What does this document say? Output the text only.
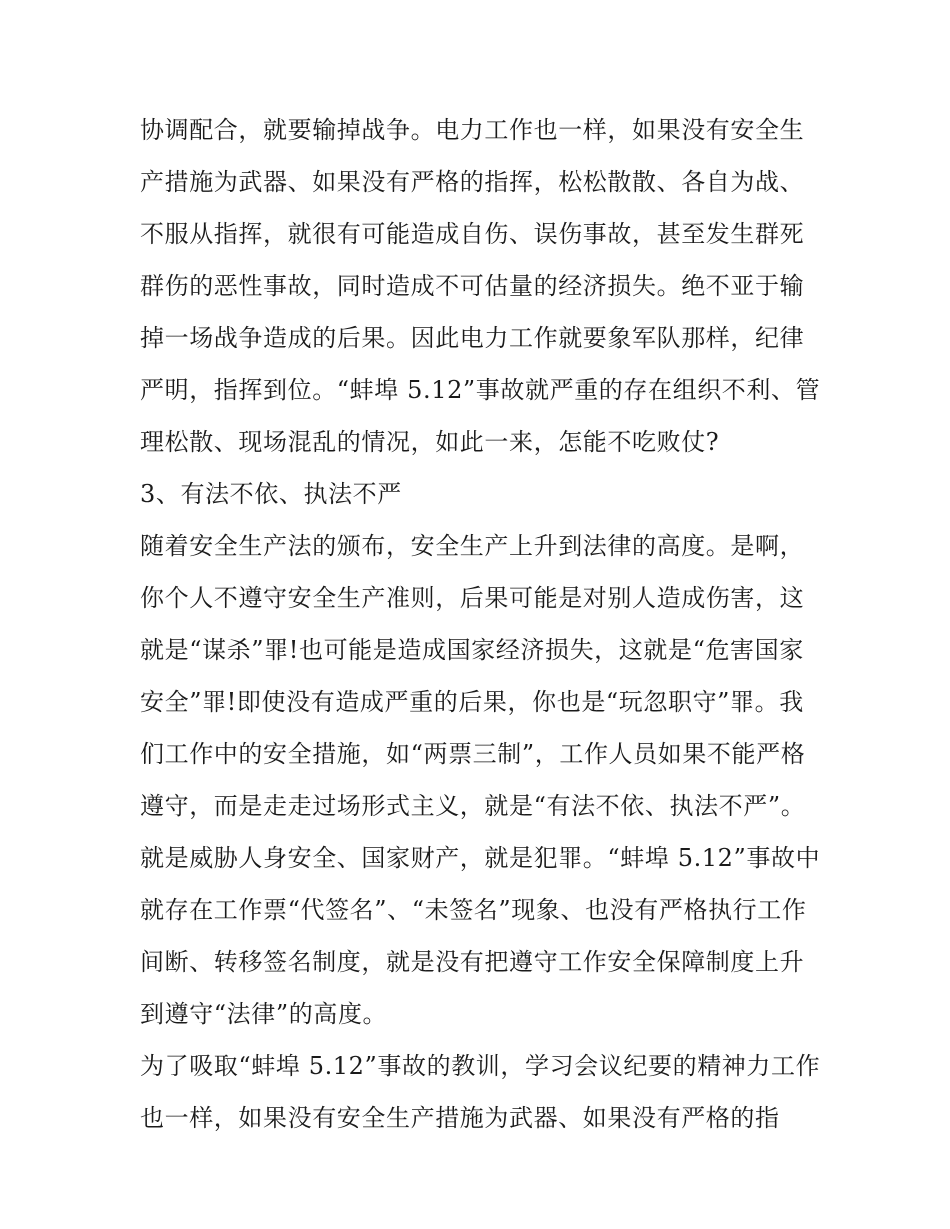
协调配合，就要输掉战争。电力工作也一样，如果没有安全生
产措施为武器、如果没有严格的指挥，松松散散、各自为战、
不服从指挥，就很有可能造成自伤、误伤事故，甚至发生群死
群伤的恶性事故，同时造成不可估量的经济损失。绝不亚于输
掉一场战争造成的后果。因此电力工作就要象军队那样，纪律
严明，指挥到位。“蚌埠 5.12”事故就严重的存在组织不利、管
理松散、现场混乱的情况，如此一来，怎能不吃败仗?
3、有法不依、执法不严
随着安全生产法的颁布，安全生产上升到法律的高度。是啊，
你个人不遵守安全生产准则，后果可能是对别人造成伤害，这
就是“谋杀”罪!也可能是造成国家经济损失，这就是“危害国家
安全”罪!即使没有造成严重的后果，你也是“玩忽职守”罪。我
们工作中的安全措施，如“两票三制”，工作人员如果不能严格
遵守，而是走走过场形式主义，就是“有法不依、执法不严”。
就是威胁人身安全、国家财产，就是犯罪。“蚌埠 5.12”事故中
就存在工作票“代签名”、“未签名”现象、也没有严格执行工作
间断、转移签名制度，就是没有把遵守工作安全保障制度上升
到遵守“法律”的高度。
为了吸取“蚌埠 5.12”事故的教训，学习会议纪要的精神力工作
也一样，如果没有安全生产措施为武器、如果没有严格的指
